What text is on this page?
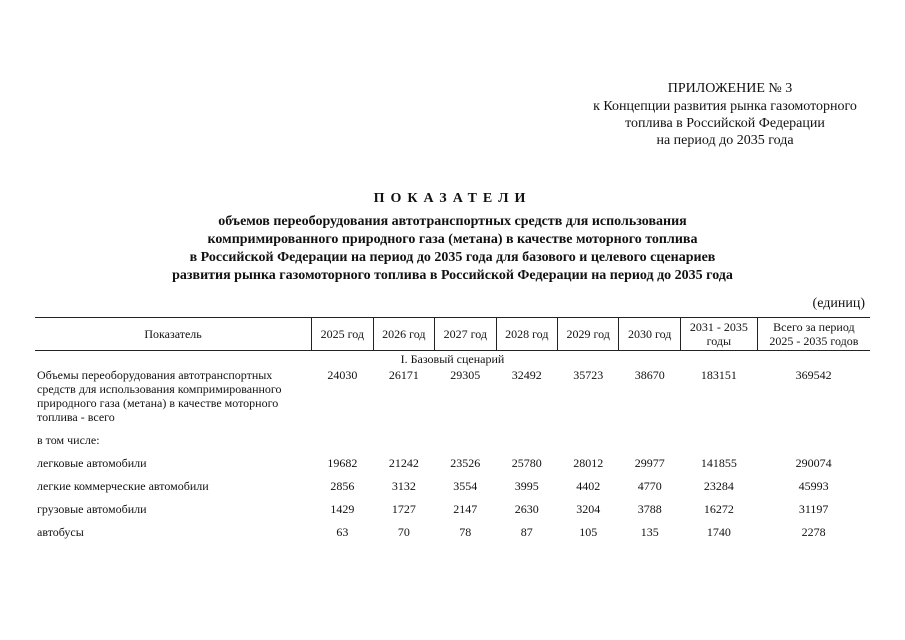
ПРИЛОЖЕНИЕ № 3
к Концепции развития рынка газомоторного
топлива в Российской Федерации
на период до 2035 года
ПОКАЗАТЕЛИ
объемов переоборудования автотранспортных средств для использования
компримированного природного газа (метана) в качестве моторного топлива
в Российской Федерации на период до 2035 года для базового и целевого сценариев
развития рынка газомоторного топлива в Российской Федерации на период до 2035 года
(единиц)
Показатель	2025 год	2026 год	2027 год	2028 год	2029 год	2030 год	2031 - 2035 годы	Всего за период 2025 - 2035 годов
I. Базовый сценарий								
Объемы переоборудования автотранспортных средств для использования компримированного природного газа (метана) в качестве моторного топлива - всего	24030	26171	29305	32492	35723	38670	183151	369542
в том числе:								
легковые автомобили	19682	21242	23526	25780	28012	29977	141855	290074
легкие коммерческие автомобили	2856	3132	3554	3995	4402	4770	23284	45993
грузовые автомобили	1429	1727	2147	2630	3204	3788	16272	31197
автобусы	63	70	78	87	105	135	1740	2278
